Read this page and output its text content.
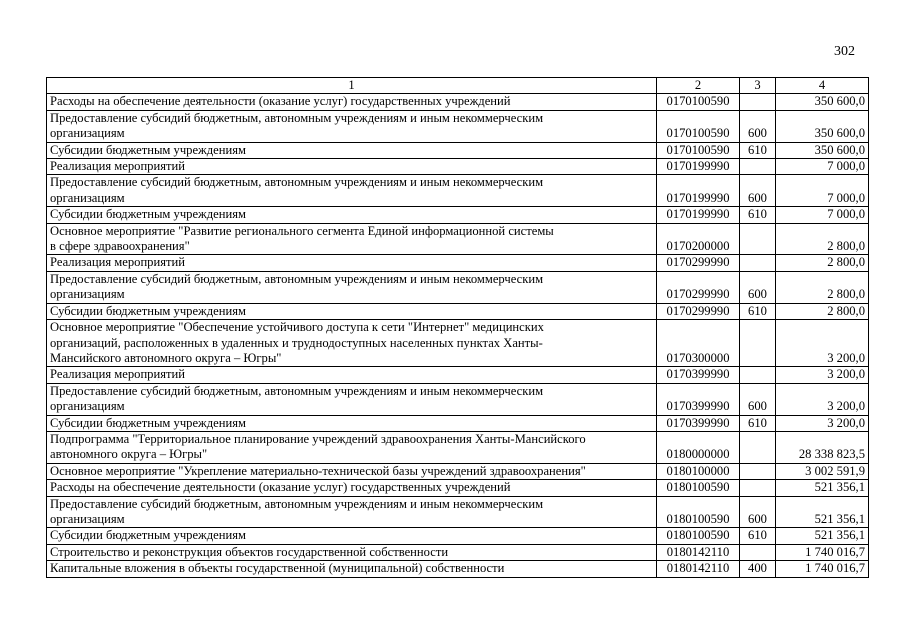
302
1	2	3	4
Расходы на обеспечение деятельности (оказание услуг) государственных учреждений	0170100590		350 600,0
Предоставление субсидий бюджетным, автономным учреждениям и иным некоммерческим
организациям	0170100590	600	350 600,0
Субсидии бюджетным учреждениям	0170100590	610	350 600,0
Реализация мероприятий	0170199990		7 000,0
Предоставление субсидий бюджетным, автономным учреждениям и иным некоммерческим
организациям	0170199990	600	7 000,0
Субсидии бюджетным учреждениям	0170199990	610	7 000,0
Основное мероприятие "Развитие регионального сегмента Единой информационной системы
в сфере здравоохранения"	0170200000		2 800,0
Реализация мероприятий	0170299990		2 800,0
Предоставление субсидий бюджетным, автономным учреждениям и иным некоммерческим
организациям	0170299990	600	2 800,0
Субсидии бюджетным учреждениям	0170299990	610	2 800,0
Основное мероприятие "Обеспечение устойчивого доступа к сети "Интернет" медицинских
организаций, расположенных в удаленных и труднодоступных населенных пунктах Ханты-
Мансийского автономного округа – Югры"	0170300000		3 200,0
Реализация мероприятий	0170399990		3 200,0
Предоставление субсидий бюджетным, автономным учреждениям и иным некоммерческим
организациям	0170399990	600	3 200,0
Субсидии бюджетным учреждениям	0170399990	610	3 200,0
Подпрограмма "Территориальное планирование учреждений здравоохранения Ханты-Мансийского
автономного округа – Югры"	0180000000		28 338 823,5
Основное мероприятие "Укрепление материально-технической базы учреждений здравоохранения"	0180100000		3 002 591,9
Расходы на обеспечение деятельности (оказание услуг) государственных учреждений	0180100590		521 356,1
Предоставление субсидий бюджетным, автономным учреждениям и иным некоммерческим
организациям	0180100590	600	521 356,1
Субсидии бюджетным учреждениям	0180100590	610	521 356,1
Строительство и реконструкция объектов государственной собственности	0180142110		1 740 016,7
Капитальные вложения в объекты государственной (муниципальной) собственности	0180142110	400	1 740 016,7
